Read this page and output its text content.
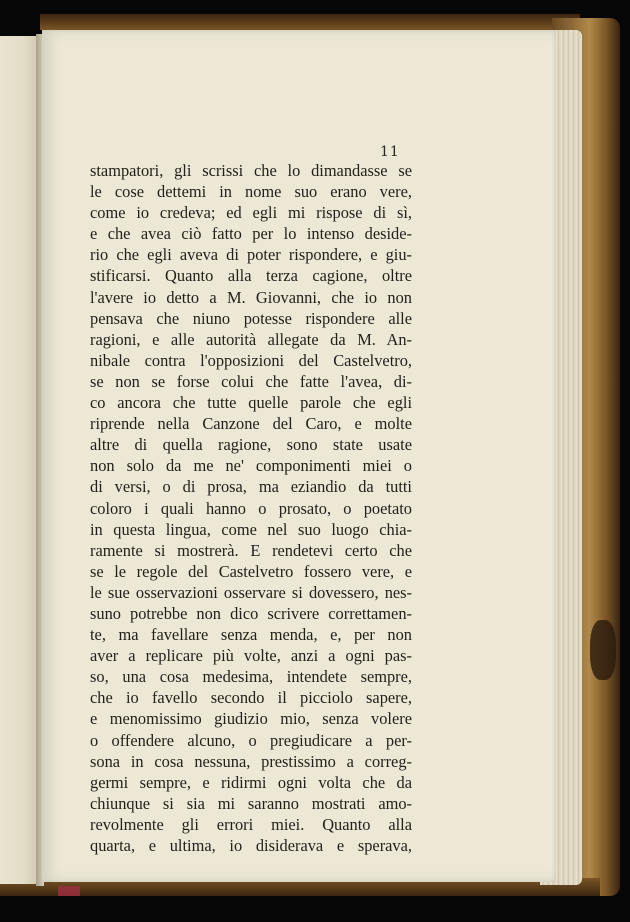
11
stampatori, gli scrissi che lo dimandasse se
le cose dettemi in nome suo erano vere,
come io credeva; ed egli mi rispose di sì,
e che avea ciò fatto per lo intenso deside-
rio che egli aveva di poter rispondere, e giu-
stificarsi. Quanto alla terza cagione, oltre
l'avere io detto a M. Giovanni, che io non
pensava che niuno potesse rispondere alle
ragioni, e alle autorità allegate da M. An-
nibale contra l'opposizioni del Castelvetro,
se non se forse colui che fatte l'avea, di-
co ancora che tutte quelle parole che egli
riprende nella Canzone del Caro, e molte
altre di quella ragione, sono state usate
non solo da me ne' componimenti miei o
di versi, o di prosa, ma eziandio da tutti
coloro i quali hanno o prosato, o poetato
in questa lingua, come nel suo luogo chia-
ramente si mostrerà. E rendetevi certo che
se le regole del Castelvetro fossero vere, e
le sue osservazioni osservare si dovessero, nes-
suno potrebbe non dico scrivere correttamen-
te, ma favellare senza menda, e, per non
aver a replicare più volte, anzi a ogni pas-
so, una cosa medesima, intendete sempre,
che io favello secondo il picciolo sapere,
e menomissimo giudizio mio, senza volere
o offendere alcuno, o pregiudicare a per-
sona in cosa nessuna, prestissimo a correg-
germi sempre, e ridirmi ogni volta che da
chiunque si sia mi saranno mostrati amo-
revolmente gli errori miei. Quanto alla
quarta, e ultima, io disiderava e sperava,
